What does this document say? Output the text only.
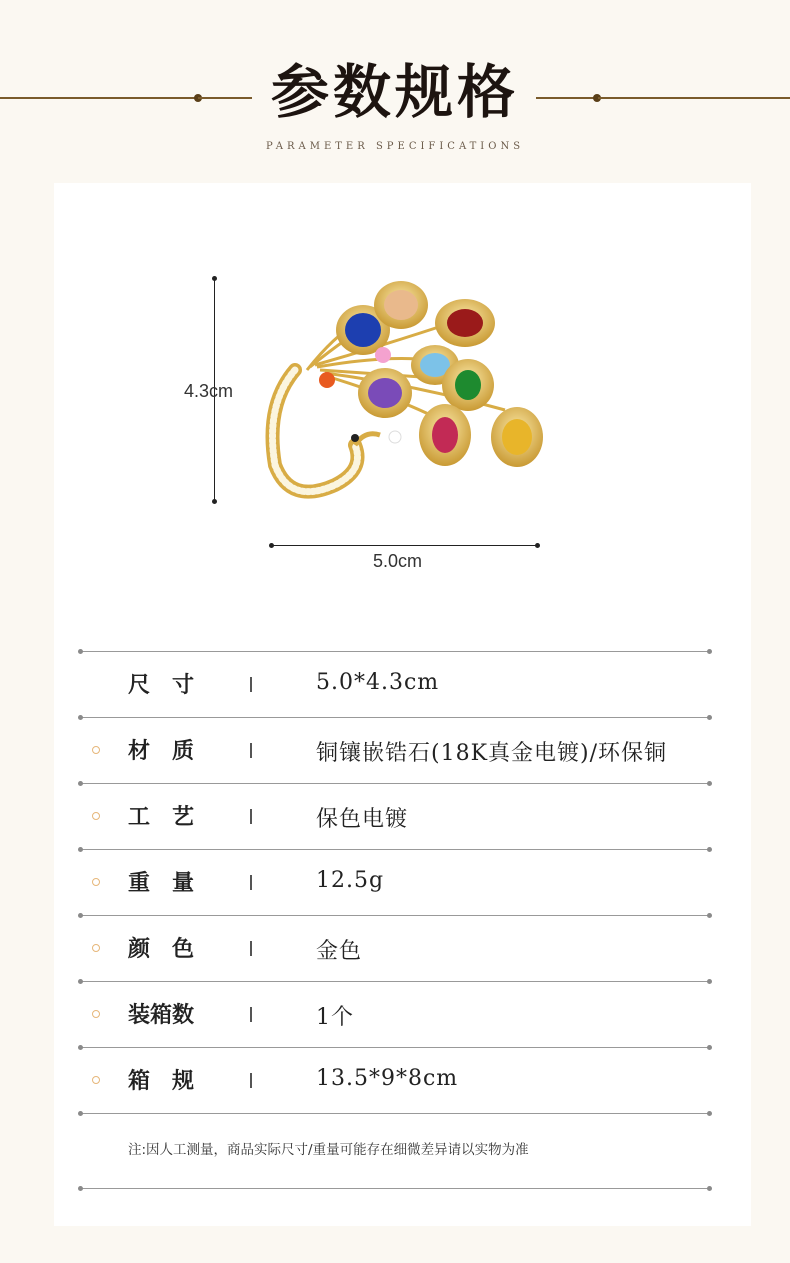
参数规格
PARAMETER SPECIFICATIONS
4.3cm
5.0cm
尺　寸	5.0*4.3cm
材　质	铜镶嵌锆石(18K真金电镀)/环保铜
工　艺	保色电镀
重　量	12.5g
颜　色	金色
装箱数	1个
箱　规	13.5*9*8cm
注:因人工测量，商品实际尺寸/重量可能存在细微差异请以实物为准
